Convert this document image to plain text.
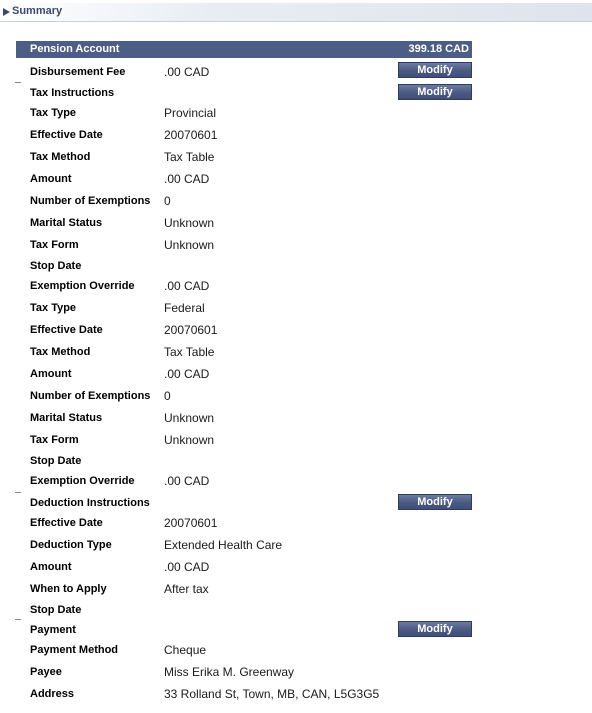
Summary
Pension Account	399.18 CAD
Disbursement Fee	.00 CAD	Modify
Tax Instructions	Modify
Tax Type	Provincial
Effective Date	20070601
Tax Method	Tax Table
Amount	.00 CAD
Number of Exemptions 0
Marital Status	Unknown
Tax Form	Unknown
Stop Date
Exemption Override .00 CAD
Tax Type	Federal
Effective Date	20070601
Tax Method	Tax Table
Amount	.00 CAD
Number of Exemptions 0
Marital Status	Unknown
Tax Form	Unknown
Stop Date
Exemption Override .00 CAD
Deduction Instructions	Modify
Effective Date	20070601
Deduction Type	Extended Health Care
Amount	.00 CAD
When to Apply	After tax
Stop Date
Payment	Modify
Payment Method	Cheque
Payee	Miss Erika M. Greenway
Address	33 Rolland St, Town, MB, CAN, L5G3G5
